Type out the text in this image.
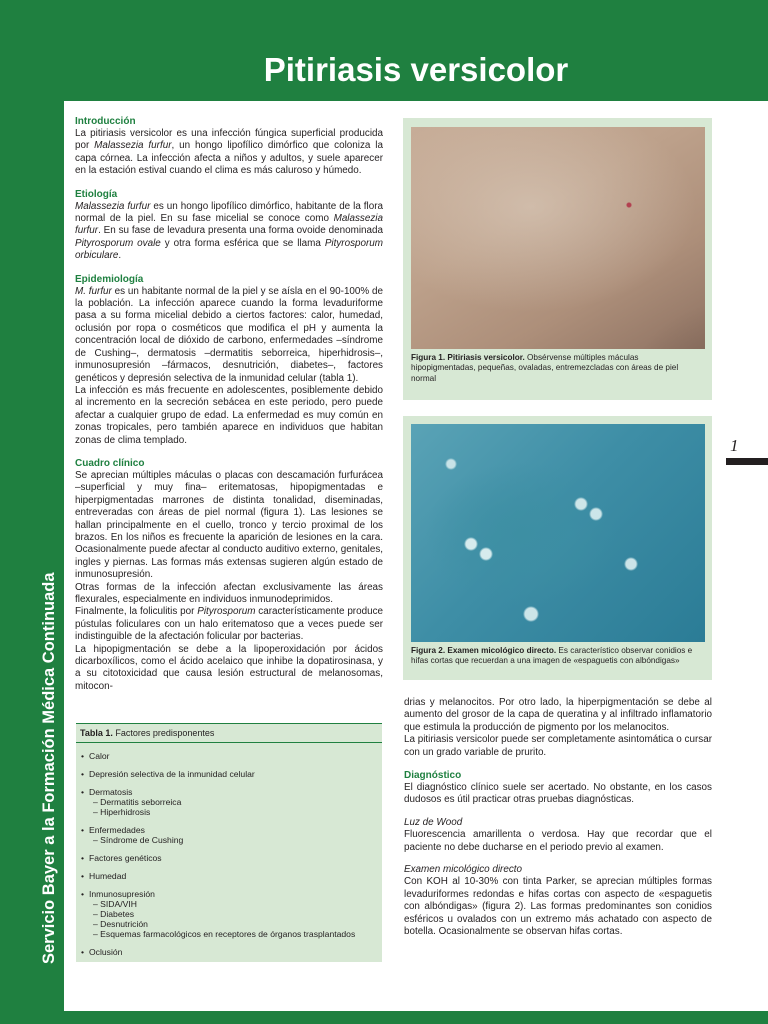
Pitiriasis versicolor
Servicio Bayer a la Formación Médica Continuada
1
Introducción

La pitiriasis versicolor es una infección fúngica superficial producida por Malassezia furfur, un hongo lipofílico dimórfico que coloniza la capa córnea. La infección afecta a niños y adultos, y suele aparecer en la estación estival cuando el clima es más caluroso y húmedo.

Etiología

Malassezia furfur es un hongo lipofílico dimórfico, habitante de la flora normal de la piel. En su fase micelial se conoce como Malassezia furfur. En su fase de levadura presenta una forma ovoide denominada Pityrosporum ovale y otra forma esférica que se llama Pityrosporum orbiculare.

Epidemiología

M. furfur es un habitante normal de la piel y se aísla en el 90-100% de la población. La infección aparece cuando la forma levaduriforme pasa a su forma micelial debido a ciertos factores: calor, humedad, oclusión por ropa o cosméticos que modifica el pH y aumenta la concentración local de dióxido de carbono, enfermedades –síndrome de Cushing–, dermatosis –dermatitis seborreica, hiperhidrosis–, inmunosupresión –fármacos, desnutrición, diabetes–, factores genéticos y depresión selectiva de la inmunidad celular (tabla 1).

La infección es más frecuente en adolescentes, posiblemente debido al incremento en la secreción sebácea en este periodo, pero puede afectar a cualquier grupo de edad. La enfermedad es muy común en zonas tropicales, pero también aparece en individuos que habitan zonas de clima templado.

Cuadro clínico

Se aprecian múltiples máculas o placas con descamación furfurácea –superficial y muy fina– eritematosas, hipopigmentadas e hiperpigmentadas marrones de distinta tonalidad, diseminadas, entreveradas con áreas de piel normal (figura 1). Las lesiones se hallan principalmente en el cuello, tronco y tercio proximal de los brazos. En los niños es frecuente la aparición de lesiones en la cara. Ocasionalmente puede afectar al conducto auditivo externo, genitales, ingles y piernas. Las formas más extensas sugieren algún estado de inmunosupresión.

Otras formas de la infección afectan exclusivamente las áreas flexurales, especialmente en individuos inmunodeprimidos.

Finalmente, la foliculitis por Pityrosporum característicamente produce pústulas foliculares con un halo eritematoso que a veces puede ser indistinguible de la afectación folicular por bacterias.

La hipopigmentación se debe a la lipoperoxidación por ácidos dicarboxílicos, como el ácido acelaico que inhibe la dopatirosinasa, y a su citotoxicidad que causa lesión estructural de melanosomas, mitocon-

Figura 1. Pitiriasis versicolor. Obsérvense múltiples máculas hipopigmentadas, pequeñas, ovaladas, entremezcladas con áreas de piel normal
Figura 2. Examen micológico directo. Es característico observar conidios e hifas cortas que recuerdan a una imagen de «espaguetis con albóndigas»

drias y melanocitos. Por otro lado, la hiperpigmentación se debe al aumento del grosor de la capa de queratina y al infiltrado inflamatorio que estimula la producción de pigmento por los melanocitos.

La pitiriasis versicolor puede ser completamente asintomática o cursar con un grado variable de prurito.

Diagnóstico

El diagnóstico clínico suele ser acertado. No obstante, en los casos dudosos es útil practicar otras pruebas diagnósticas.

Luz de Wood

Fluorescencia amarillenta o verdosa. Hay que recordar que el paciente no debe ducharse en el periodo previo al examen.

Examen micológico directo

Con KOH al 10-30% con tinta Parker, se aprecian múltiples formas levaduriformes redondas e hifas cortas con aspecto de «espaguetis con albóndigas» (figura 2). Las formas predominantes son conidios esféricos u ovalados con un extremo más achatado con aspecto de botella. Ocasionalmente se observan hifas cortas.

Tabla 1. Factores predisponentes
• Calor
• Depresión selectiva de la inmunidad celular
• Dermatosis
– Dermatitis seborreica
– Hiperhidrosis
• Enfermedades
– Síndrome de Cushing
• Factores genéticos
• Humedad
• Inmunosupresión
– SIDA/VIH
– Diabetes
– Desnutrición
– Esquemas farmacológicos en receptores de órganos trasplantados
• Oclusión
